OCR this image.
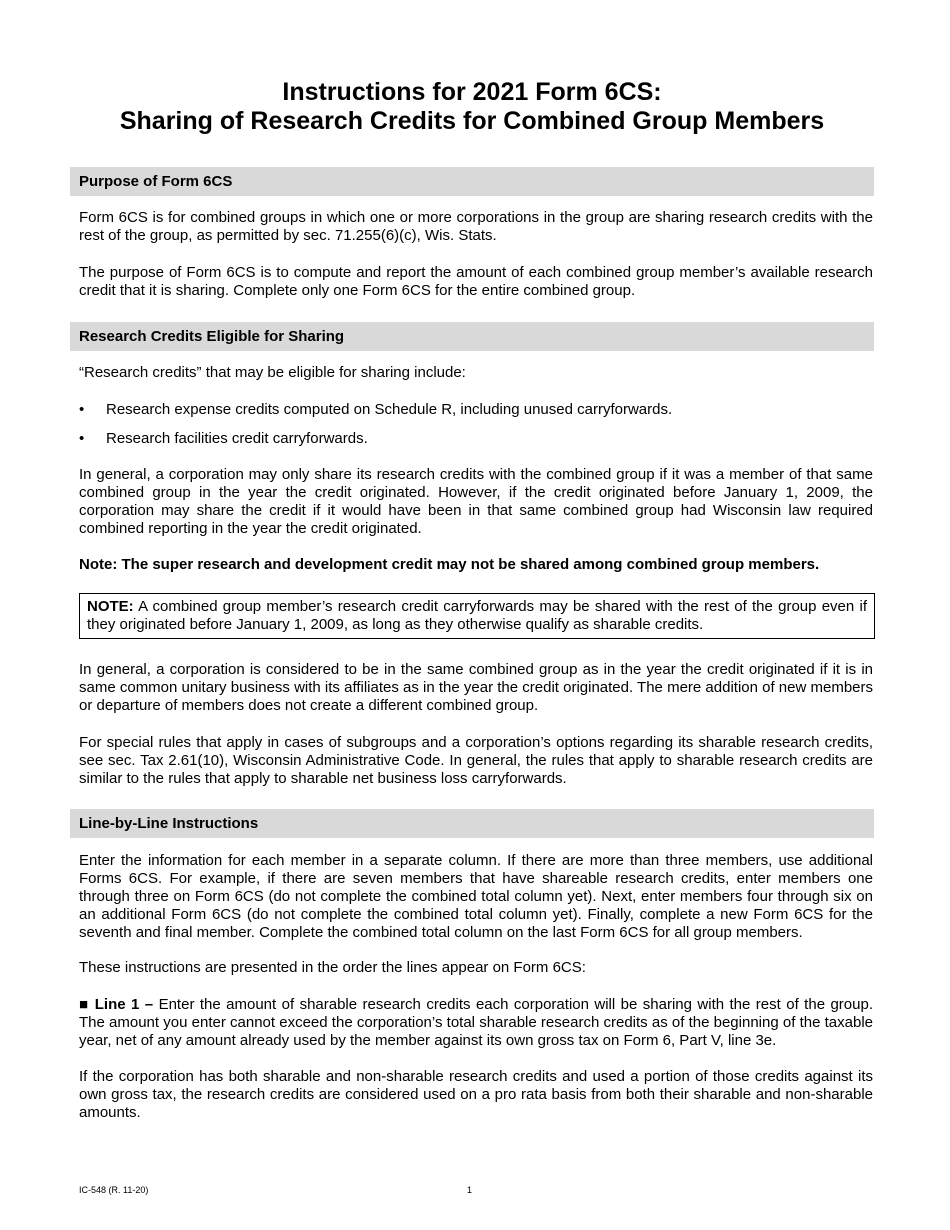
Instructions for 2021 Form 6CS:
Sharing of Research Credits for Combined Group Members
Purpose of Form 6CS

Form 6CS is for combined groups in which one or more corporations in the group are sharing research credits with the rest of the group, as permitted by sec. 71.255(6)(c), Wis. Stats.

The purpose of Form 6CS is to compute and report the amount of each combined group member’s available research credit that it is sharing. Complete only one Form 6CS for the entire combined group.

Research Credits Eligible for Sharing

“Research credits” that may be eligible for sharing include:

•	Research expense credits computed on Schedule R, including unused carryforwards.
•	Research facilities credit carryforwards.

In general, a corporation may only share its research credits with the combined group if it was a member of that same combined group in the year the credit originated. However, if the credit originated before January 1, 2009, the corporation may share the credit if it would have been in that same combined group had Wisconsin law required combined reporting in the year the credit originated.

Note: The super research and development credit may not be shared among combined group members.
NOTE: A combined group member’s research credit carryforwards may be shared with the rest of the group even if they originated before January 1, 2009, as long as they otherwise qualify as sharable credits.

In general, a corporation is considered to be in the same combined group as in the year the credit originated if it is in same common unitary business with its affiliates as in the year the credit originated. The mere addition of new members or departure of members does not create a different combined group.

For special rules that apply in cases of subgroups and a corporation’s options regarding its sharable research credits, see sec. Tax 2.61(10), Wisconsin Administrative Code. In general, the rules that apply to sharable research credits are similar to the rules that apply to sharable net business loss carryforwards.

Line-by-Line Instructions

Enter the information for each member in a separate column. If there are more than three members, use additional Forms 6CS. For example, if there are seven members that have shareable research credits, enter members one through three on Form 6CS (do not complete the combined total column yet). Next, enter members four through six on an additional Form 6CS (do not complete the combined total column yet). Finally, complete a new Form 6CS for the seventh and final member. Complete the combined total column on the last Form 6CS for all group members.

These instructions are presented in the order the lines appear on Form 6CS:

■ Line 1 – Enter the amount of sharable research credits each corporation will be sharing with the rest of the group. The amount you enter cannot exceed the corporation’s total sharable research credits as of the beginning of the taxable year, net of any amount already used by the member against its own gross tax on Form 6, Part V, line 3e.

If the corporation has both sharable and non-sharable research credits and used a portion of those credits against its own gross tax, the research credits are considered used on a pro rata basis from both their sharable and non-sharable amounts.

IC-548 (R. 11-20)	1
